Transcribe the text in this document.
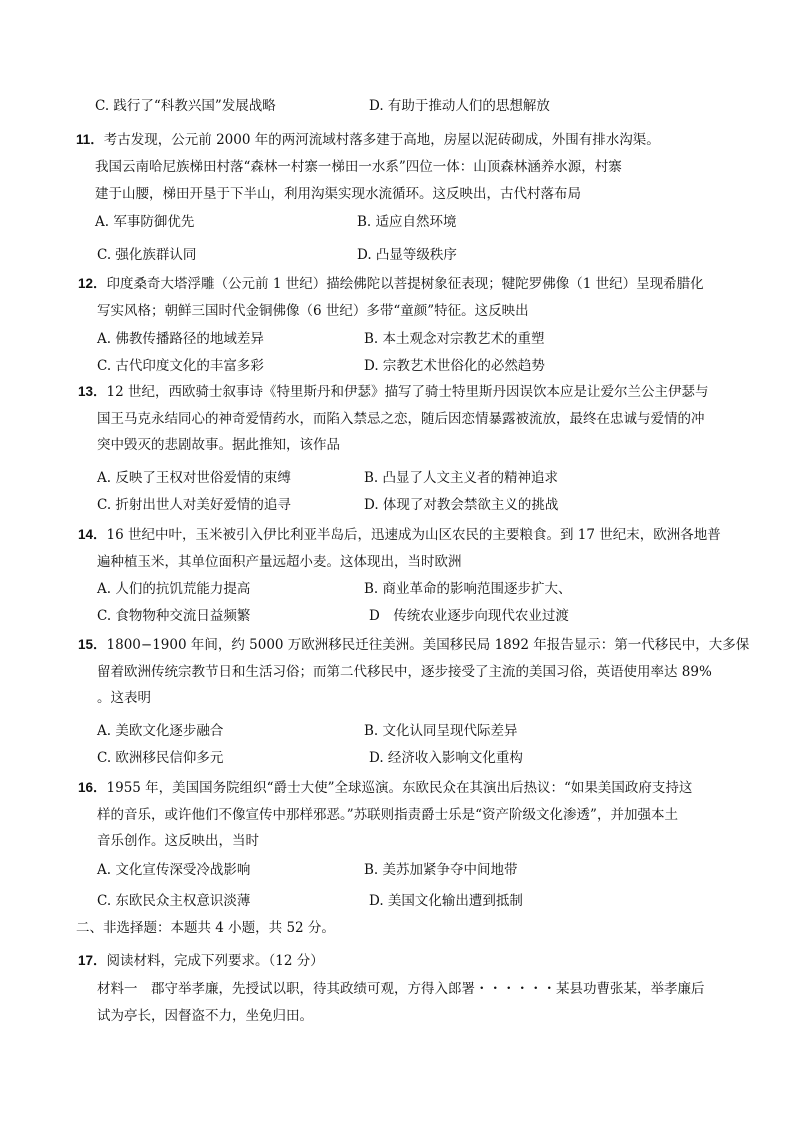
C. 践行了“科教兴国”发展战略	D. 有助于推动人们的思想解放
11．考古发现，公元前 2000 年的两河流域村落多建于高地，房屋以泥砖砌成，外围有排水沟渠。
我国云南哈尼族梯田村落“森林一村寨一梯田一水系”四位一体：山顶森林涵养水源，村寨
建于山腰，梯田开垦于下半山，利用沟渠实现水流循环。这反映出，古代村落布局
A. 军事防御优先	B. 适应自然环境
C. 强化族群认同	D. 凸显等级秩序
12．印度桑奇大塔浮雕（公元前 1 世纪）描绘佛陀以菩提树象征表现；犍陀罗佛像（1 世纪）呈现希腊化
写实风格；朝鲜三国时代金铜佛像（6 世纪）多带“童颜”特征。这反映出
A. 佛教传播路径的地域差异	B. 本土观念对宗教艺术的重塑
C. 古代印度文化的丰富多彩	D. 宗教艺术世俗化的必然趋势
13．12 世纪，西欧骑士叙事诗《特里斯丹和伊瑟》描写了骑士特里斯丹因误饮本应是让爱尔兰公主伊瑟与
国王马克永结同心的神奇爱情药水，而陷入禁忌之恋，随后因恋情暴露被流放，最终在忠诚与爱情的冲
突中毁灭的悲剧故事。据此推知，该作品
A. 反映了王权对世俗爱情的束缚	B. 凸显了人文主义者的精神追求
C. 折射出世人对美好爱情的追寻	D. 体现了对教会禁欲主义的挑战
14．16 世纪中叶，玉米被引入伊比利亚半岛后，迅速成为山区农民的主要粮食。到 17 世纪末，欧洲各地普
遍种植玉米，其单位面积产量远超小麦。这体现出，当时欧洲
A. 人们的抗饥荒能力提高	B. 商业革命的影响范围逐步扩大、
C. 食物物种交流日益频繁	D　传统农业逐步向现代农业过渡
15．1800−1900 年间，约 5000 万欧洲移民迁往美洲。美国移民局 1892 年报告显示：第一代移民中，大多保
留着欧洲传统宗教节日和生活习俗；而第二代移民中，逐步接受了主流的美国习俗，英语使用率达 89%
。这表明
A. 美欧文化逐步融合	B. 文化认同呈现代际差异
C. 欧洲移民信仰多元	D. 经济收入影响文化重构
16．1955 年，美国国务院组织“爵士大使”全球巡演。东欧民众在其演出后热议：“如果美国政府支持这
样的音乐，或许他们不像宣传中那样邪恶。”苏联则指责爵士乐是“资产阶级文化渗透”，并加强本土
音乐创作。这反映出，当时
A. 文化宣传深受冷战影响	B. 美苏加紧争夺中间地带
C. 东欧民众主权意识淡薄	D. 美国文化输出遭到抵制
二、非选择题：本题共 4 小题，共 52 分。
17．阅读材料，完成下列要求。（12 分）
材料一　郡守举孝廉，先授试以职，待其政绩可观，方得入郎署・・・・・・某县功曹张某，举孝廉后
试为亭长，因督盗不力，坐免归田。
